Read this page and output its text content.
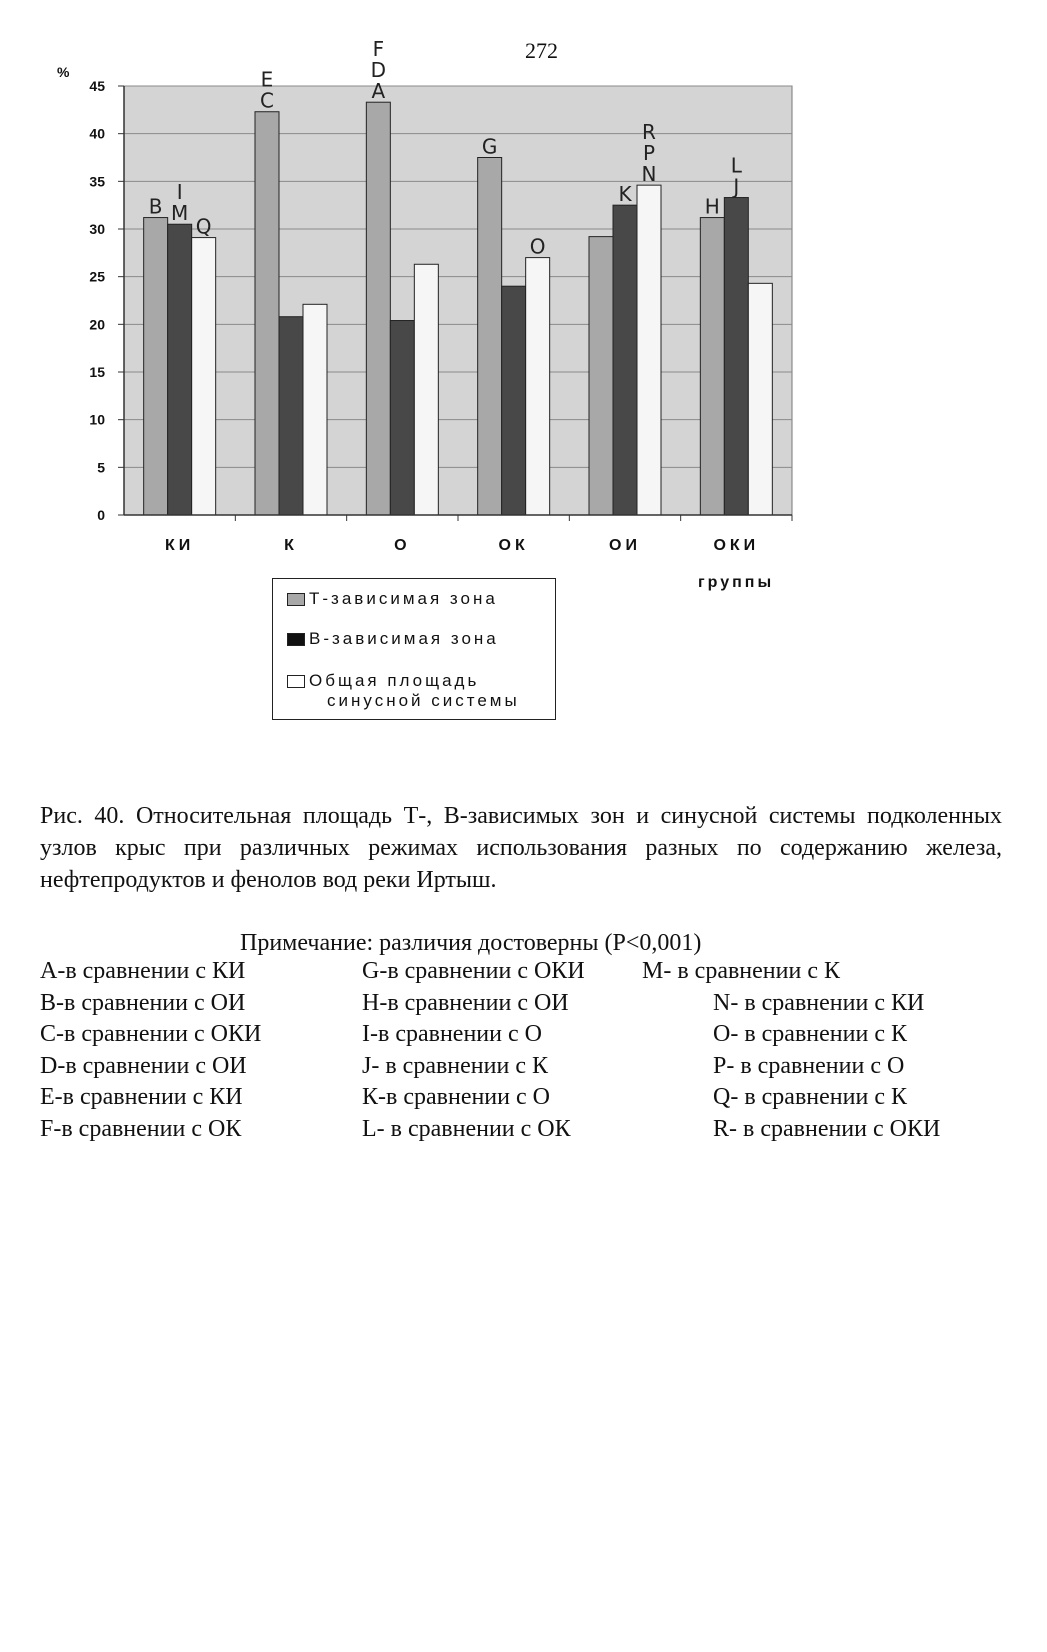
272
0
5
10
15
20
25
30
35
40
45
КИ	К	О	ОК	ОИ	ОКИ
B M
I
Q
C
E	A
D
F
G
O
K
N
P
R
H
J
L
%
Т-зависимая зона
В-зависимая зона
Общая площадь
синусной системы
группы
Рис. 40. Относительная площадь Т-, В-зависимых зон и синусной системы подколенных узлов крыс при различных режимах использования разных по содержанию железа, нефтепродуктов и фенолов вод реки Иртыш.
Примечание: различия достоверны (Р<0,001)
А-в сравнении с КИ
В-в сравнении с ОИ
С-в сравнении с ОКИ
D-в сравнении с ОИ
Е-в сравнении с КИ
F-в сравнении с ОК
G-в сравнении с ОКИ
Н-в сравнении с ОИ
I-в сравнении с О
J- в сравнении с К
К-в сравнении с О
L- в сравнении с ОК
М- в сравнении с К
N- в сравнении с КИ
О- в сравнении с К
Р- в сравнении с О
Q- в сравнении с К
R- в сравнении с ОКИ
